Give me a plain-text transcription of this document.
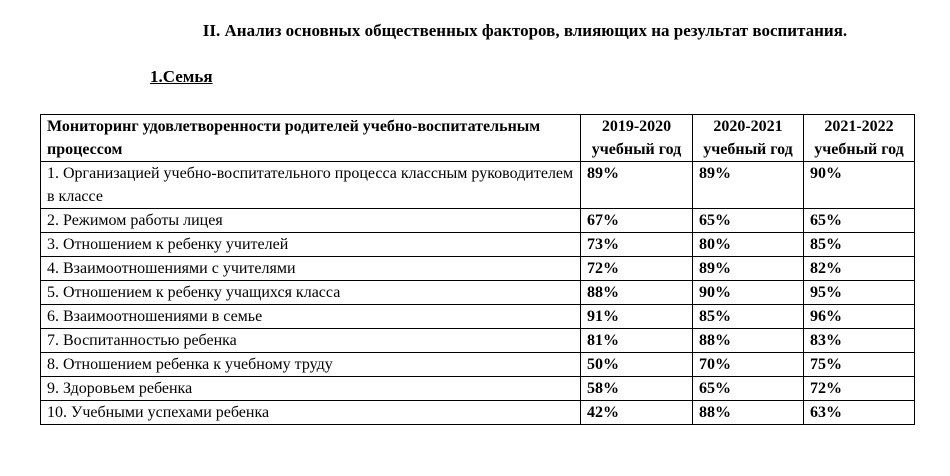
II. Анализ основных общественных факторов, влияющих на результат воспитания.
1.Семья
Мониторинг удовлетворенности родителей учебно-воспитательным процессом	2019-2020 учебный год	2020-2021 учебный год	2021-2022 учебный год
1. Организацией учебно-воспитательного процесса классным руководителем в классе	89%	89%	90%
2. Режимом работы лицея	67%	65%	65%
3. Отношением к ребенку учителей	73%	80%	85%
4. Взаимоотношениями с учителями	72%	89%	82%
5. Отношением к ребенку учащихся класса	88%	90%	95%
6. Взаимоотношениями в семье	91%	85%	96%
7. Воспитанностью ребенка	81%	88%	83%
8. Отношением ребенка к учебному труду	50%	70%	75%
9. Здоровьем ребенка	58%	65%	72%
10. Учебными успехами ребенка	42%	88%	63%
